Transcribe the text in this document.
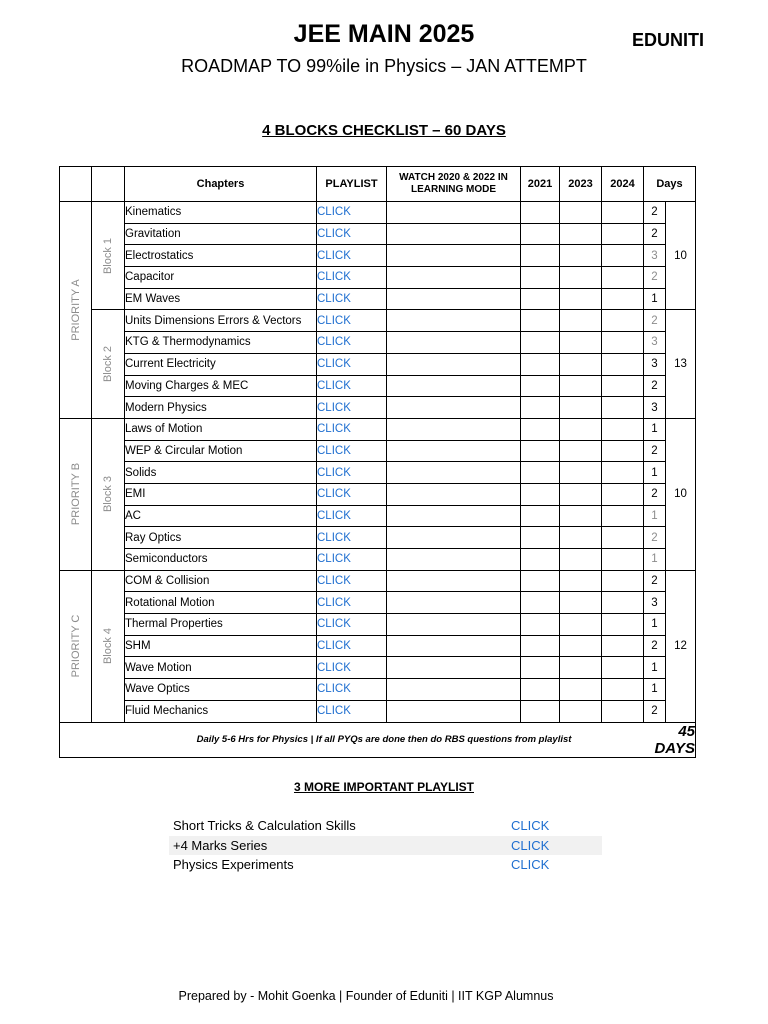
JEE MAIN 2025	EDUNITI
ROADMAP TO 99%ile in Physics – JAN ATTEMPT
4 BLOCKS CHECKLIST – 60 DAYS
		Chapters	PLAYLIST	WATCH 2020 & 2022 IN LEARNING MODE	2021	2023	2024	Days	

PRIORITY A	Block 1	Kinematics	CLICK					2	10
		Gravitation	CLICK					2	
		Electrostatics	CLICK					3	
		Capacitor	CLICK					2	
		EM Waves	CLICK					1	

	Block 2	Units Dimensions Errors & Vectors	CLICK					2	13
		KTG & Thermodynamics	CLICK					3	
		Current Electricity	CLICK					3	
		Moving Charges & MEC	CLICK					2	
		Modern Physics	CLICK					3	

PRIORITY B	Block 3	Laws of Motion	CLICK					1	10
		WEP & Circular Motion	CLICK					2	
		Solids	CLICK					1	
		EMI	CLICK					2	
		AC	CLICK					1	
		Ray Optics	CLICK					2	
		Semiconductors	CLICK					1	

PRIORITY C	Block 4	COM & Collision	CLICK					2	12
		Rotational Motion	CLICK					3	
		Thermal Properties	CLICK					1	
		SHM	CLICK					2	
		Wave Motion	CLICK					1	
		Wave Optics	CLICK					1	
		Fluid Mechanics	CLICK					2	
		Daily 5-6 Hrs for Physics | If all PYQs are done then do RBS questions from playlist						45 DAYS	
3 MORE IMPORTANT PLAYLIST
Short Tricks & Calculation Skills	CLICK
+4 Marks Series	CLICK
Physics Experiments	CLICK
Prepared by - Mohit Goenka | Founder of Eduniti | IIT KGP Alumnus
